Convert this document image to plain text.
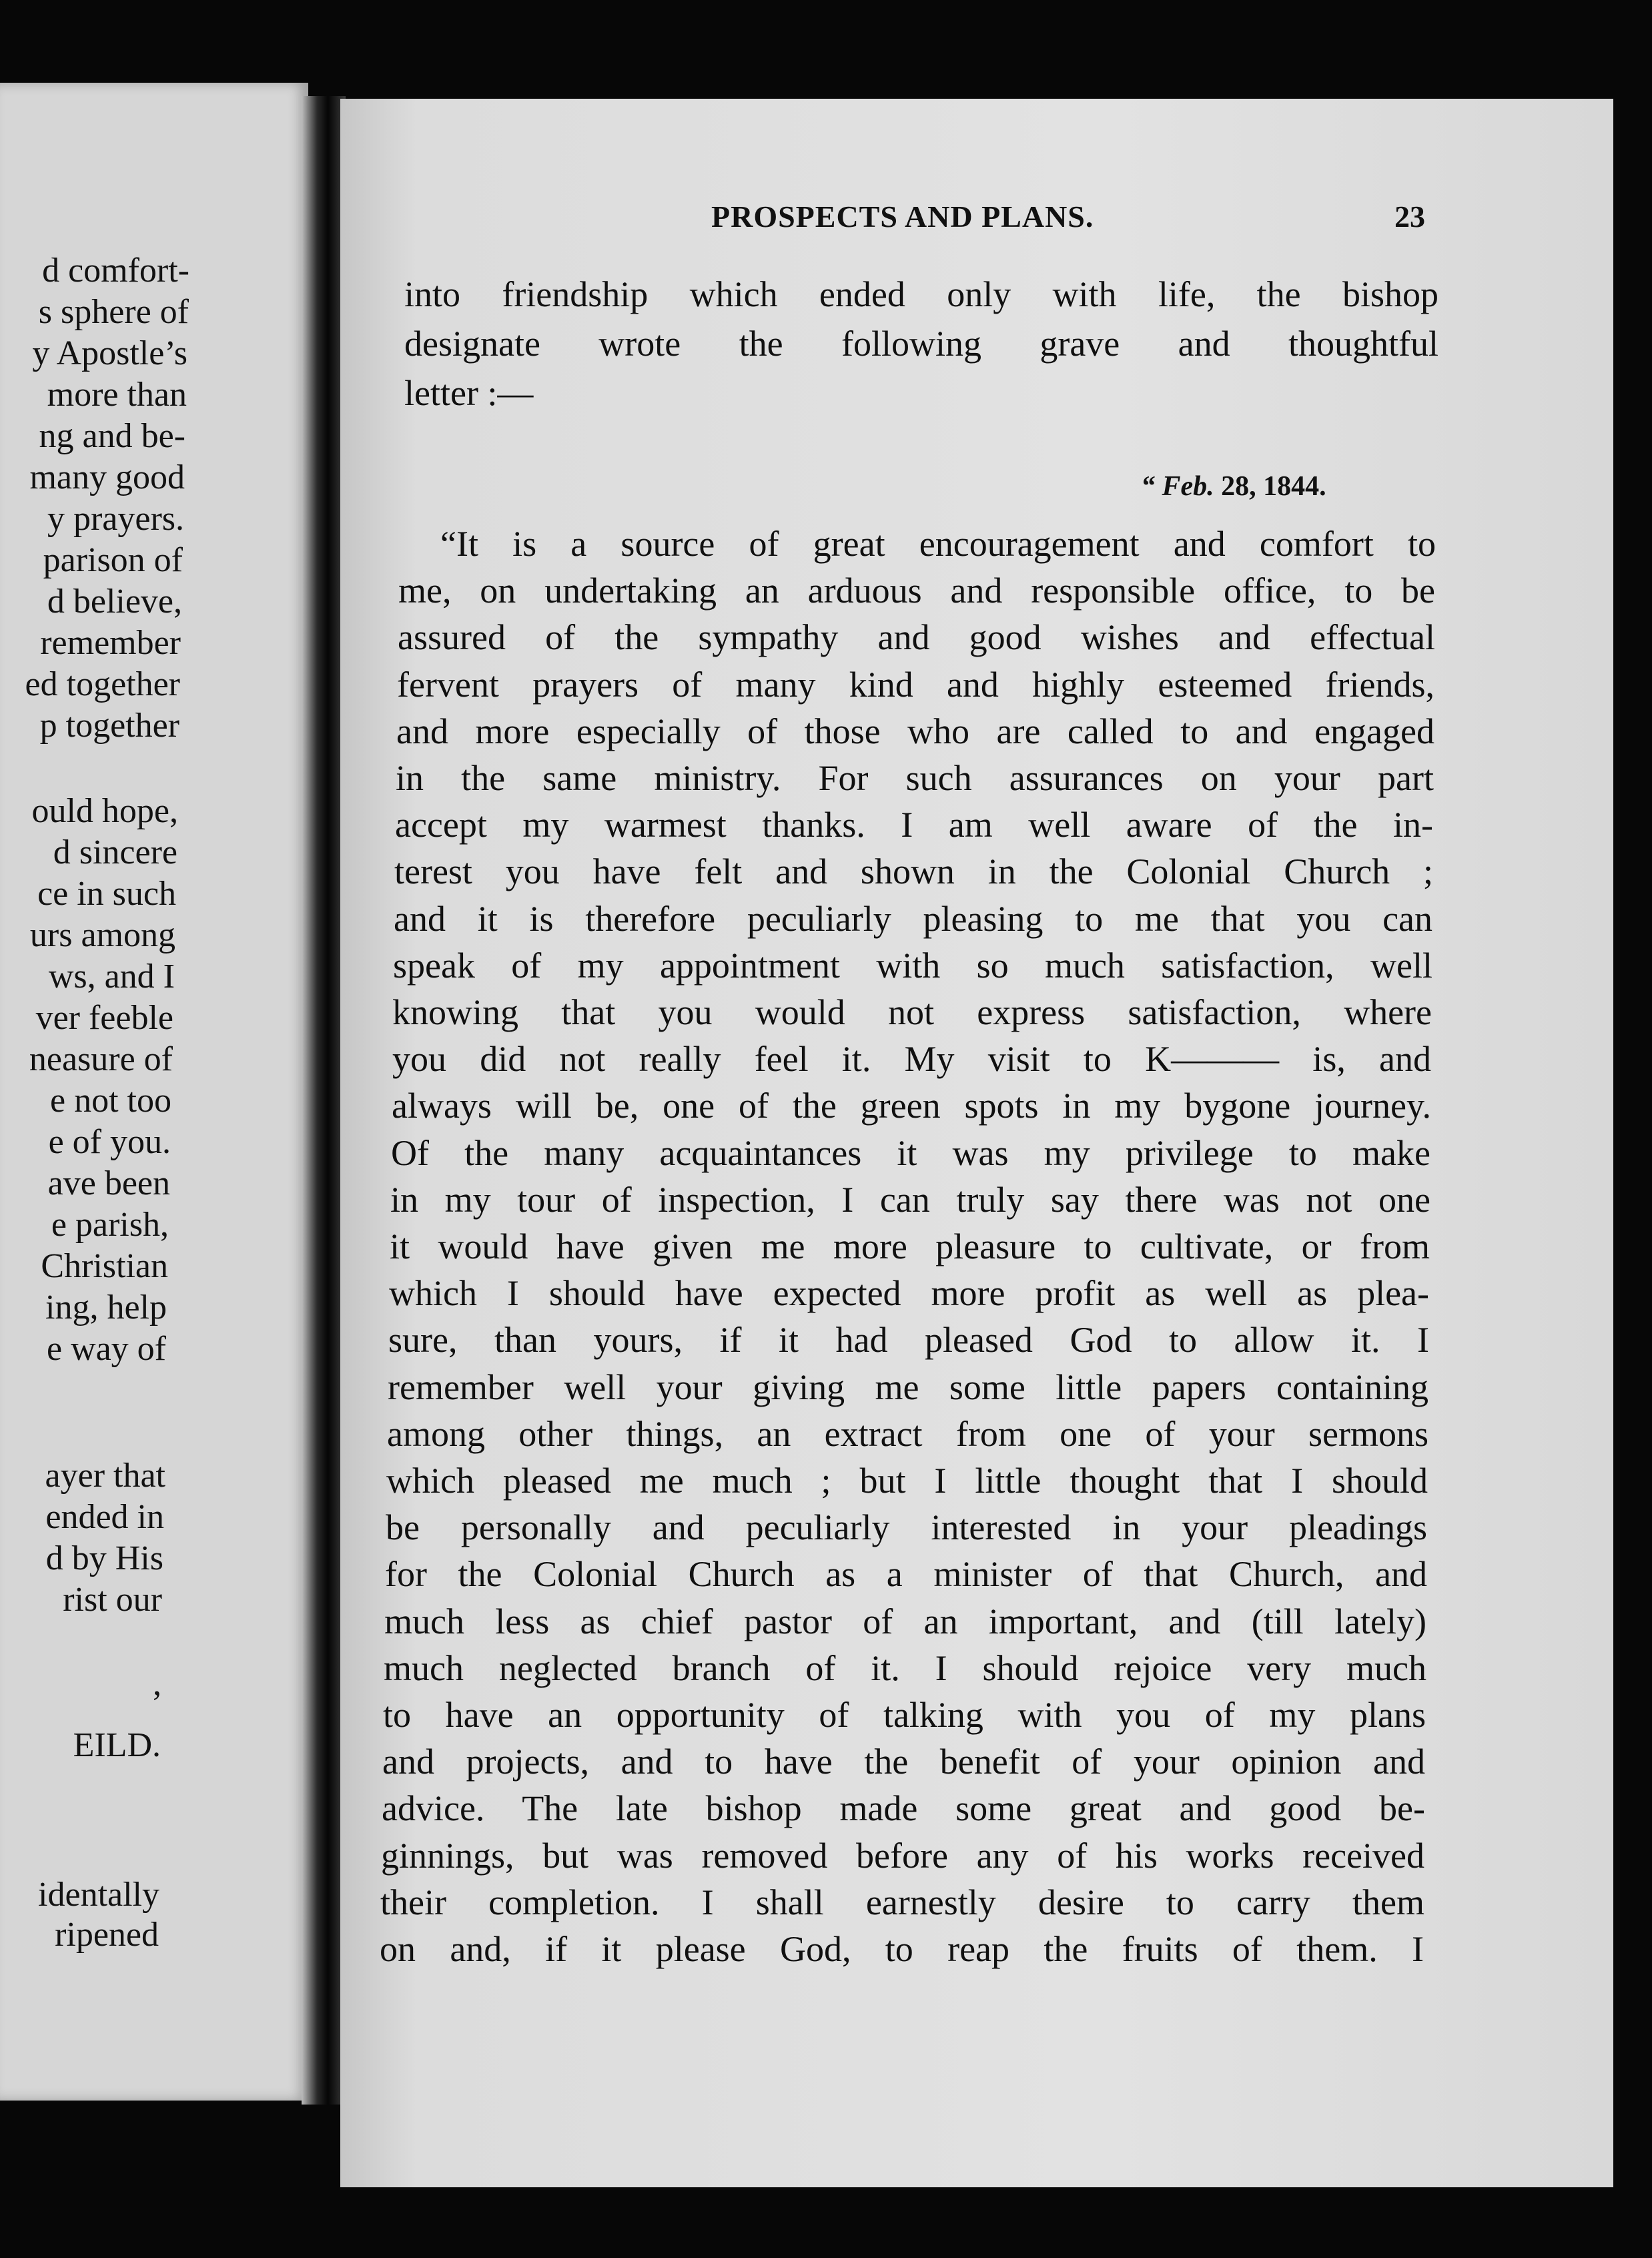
d comfort-
s sphere of
y Apostle’s
more than
ng and be-
many good
y prayers.
parison of
d believe,
remember
ed together
p together
ould hope,
d sincere
ce in such
urs among
ws, and I
ver feeble
neasure of
e not too
e of you.
ave been
e parish,
Christian
ing, help
e way of
ayer that
ended in
d by His
rist our
,
EILD.
identally
ripened
PROSPECTS AND PLANS.	23
“ Feb. 28, 1844.
into friendship which ended only with life, the bishop
designate wrote the following grave and thoughtful
letter :—
“It is a source of great encouragement and comfort to
me, on undertaking an arduous and responsible office, to be
assured of the sympathy and good wishes and effectual
fervent prayers of many kind and highly esteemed friends,
and more especially of those who are called to and engaged
in the same ministry. For such assurances on your part
accept my warmest thanks. I am well aware of the in-
terest you have felt and shown in the Colonial Church ;
and it is therefore peculiarly pleasing to me that you can
speak of my appointment with so much satisfaction, well
knowing that you would not express satisfaction, where
you did not really feel it. My visit to K——— is, and
always will be, one of the green spots in my bygone journey.
Of the many acquaintances it was my privilege to make
in my tour of inspection, I can truly say there was not one
it would have given me more pleasure to cultivate, or from
which I should have expected more profit as well as plea-
sure, than yours, if it had pleased God to allow it. I
remember well your giving me some little papers containing
among other things, an extract from one of your sermons
which pleased me much ; but I little thought that I should
be personally and peculiarly interested in your pleadings
for the Colonial Church as a minister of that Church, and
much less as chief pastor of an important, and (till lately)
much neglected branch of it. I should rejoice very much
to have an opportunity of talking with you of my plans
and projects, and to have the benefit of your opinion and
advice. The late bishop made some great and good be-
ginnings, but was removed before any of his works received
their completion. I shall earnestly desire to carry them
on and, if it please God, to reap the fruits of them. I
